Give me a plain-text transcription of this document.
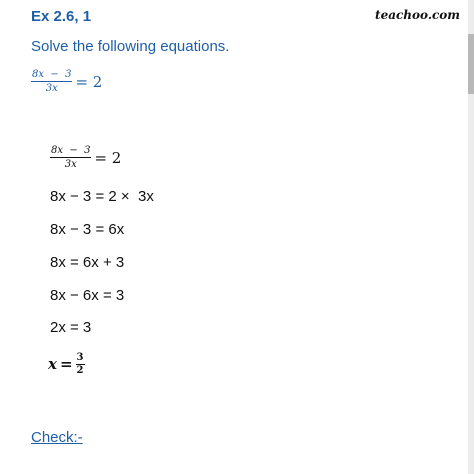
Ex 2.6, 1	teachoo.com
Solve the following equations.
$\frac{8x - 3}{3x} = 2$
$\frac{8x - 3}{3x} = 2$
8x − 3 = 2 ×  3x
8x − 3 = 6x
8x = 6x + 3
8x − 6x = 3
2x = 3
$x = \frac{3}{2}$
Check:-
